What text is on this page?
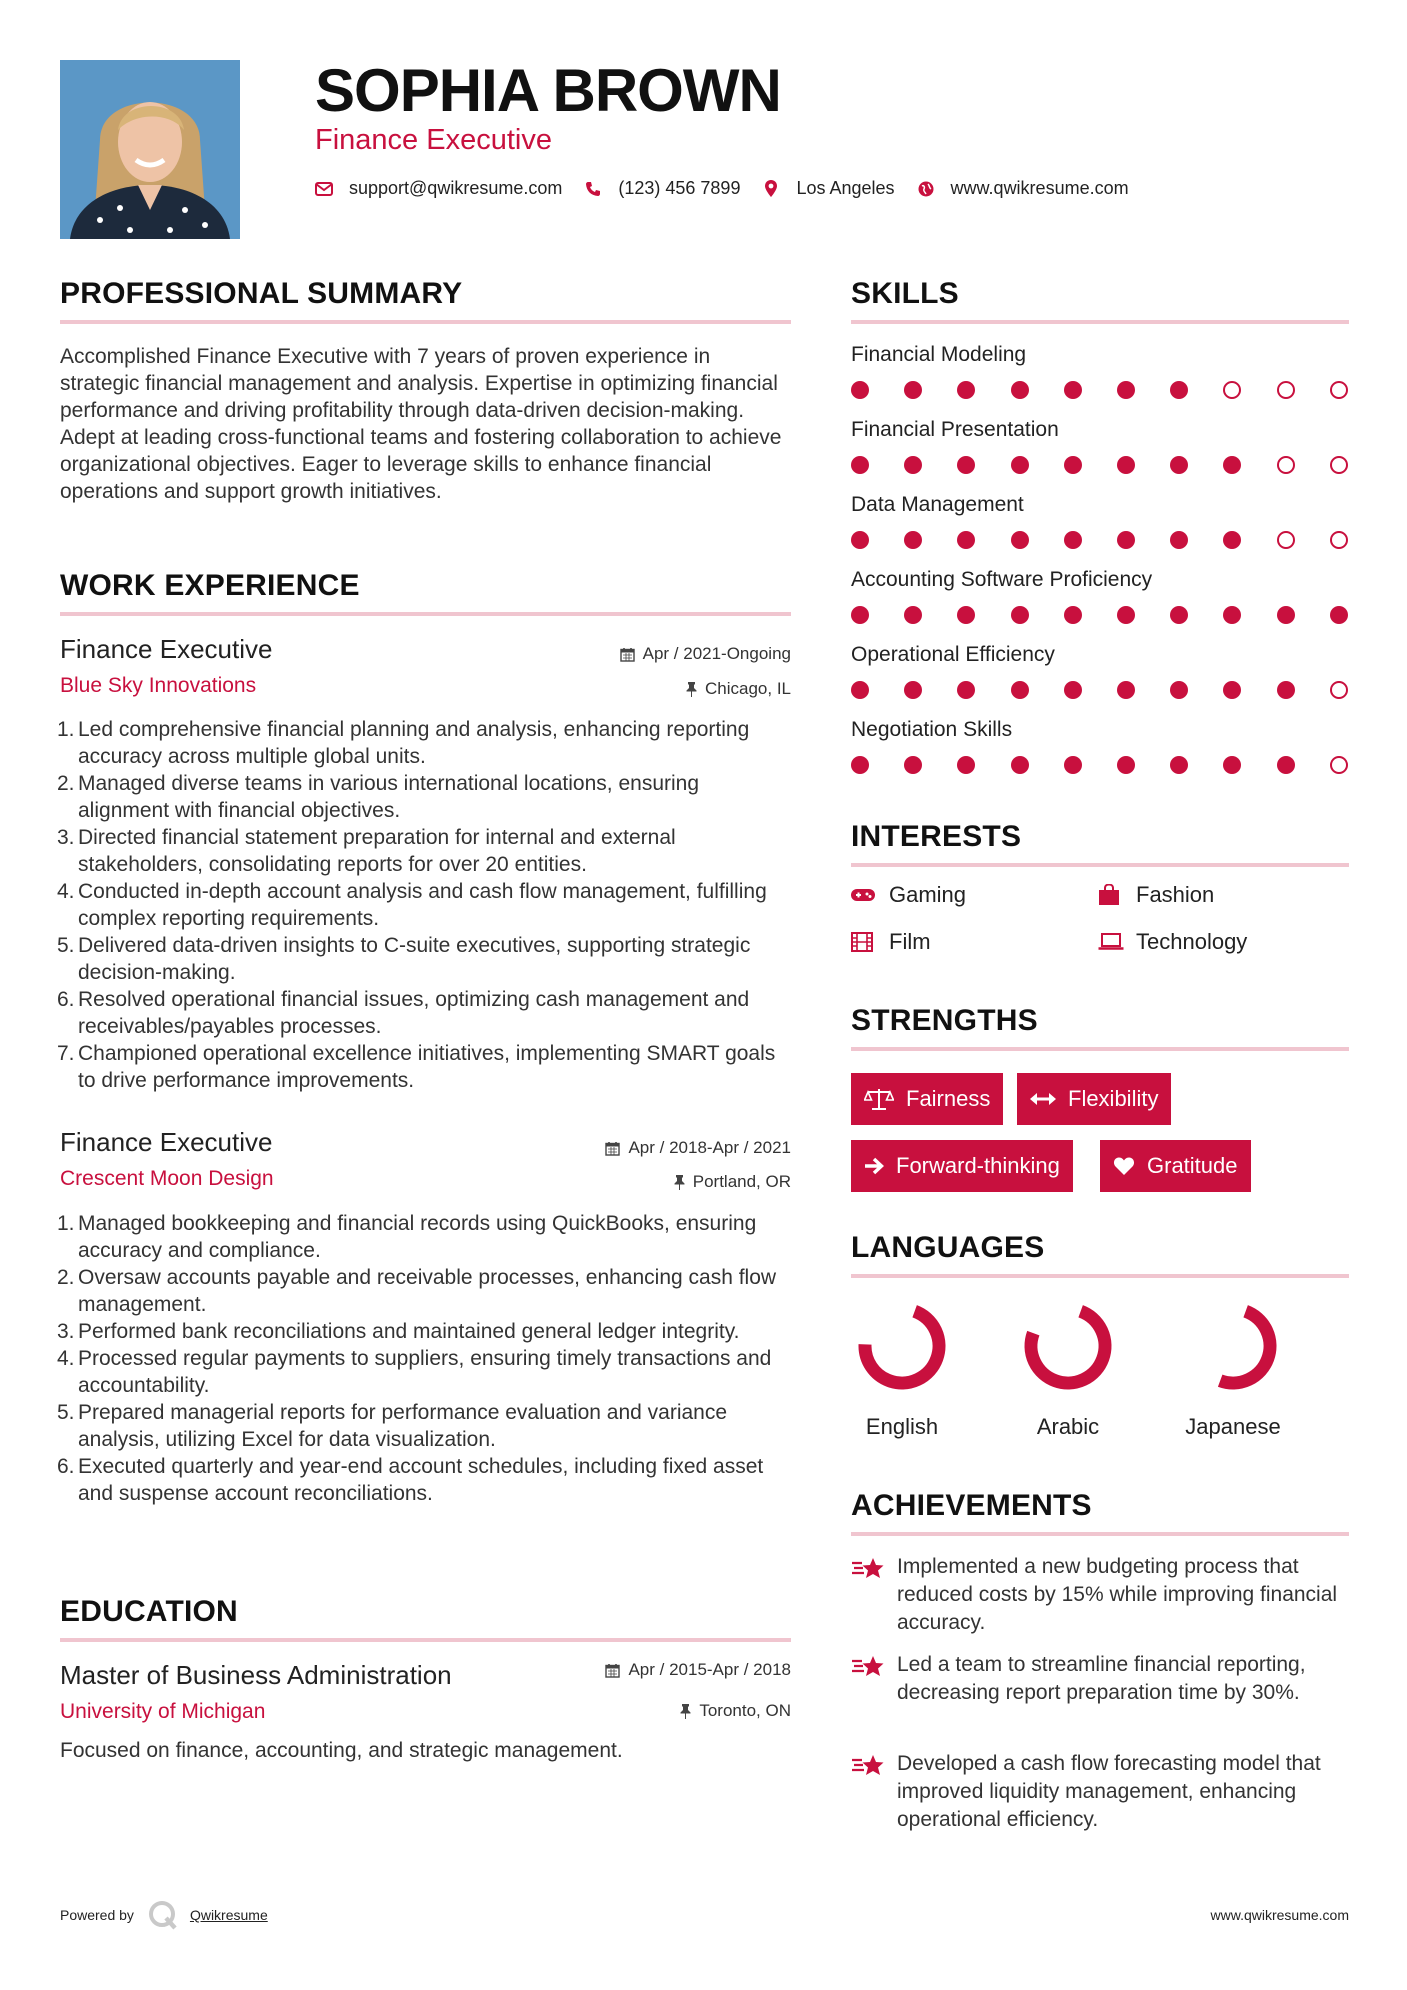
SOPHIA BROWN
Finance Executive
support@qwikresume.com	(123) 456 7899	Los Angeles	www.qwikresume.com
PROFESSIONAL SUMMARY
Accomplished Finance Executive with 7 years of proven experience in strategic financial management and analysis. Expertise in optimizing financial performance and driving profitability through data-driven decision-making. Adept at leading cross-functional teams and fostering collaboration to achieve organizational objectives. Eager to leverage skills to enhance financial operations and support growth initiatives.
WORK EXPERIENCE
Finance Executive
Blue Sky Innovations
Apr / 2021-Ongoing
Chicago, IL
1. Led comprehensive financial planning and analysis, enhancing reporting accuracy across multiple global units.
2. Managed diverse teams in various international locations, ensuring alignment with financial objectives.
3. Directed financial statement preparation for internal and external stakeholders, consolidating reports for over 20 entities.
4. Conducted in-depth account analysis and cash flow management, fulfilling complex reporting requirements.
5. Delivered data-driven insights to C-suite executives, supporting strategic decision-making.
6. Resolved operational financial issues, optimizing cash management and receivables/payables processes.
7. Championed operational excellence initiatives, implementing SMART goals to drive performance improvements.
Finance Executive
Crescent Moon Design
Apr / 2018-Apr / 2021
Portland, OR
1. Managed bookkeeping and financial records using QuickBooks, ensuring accuracy and compliance.
2. Oversaw accounts payable and receivable processes, enhancing cash flow management.
3. Performed bank reconciliations and maintained general ledger integrity.
4. Processed regular payments to suppliers, ensuring timely transactions and accountability.
5. Prepared managerial reports for performance evaluation and variance analysis, utilizing Excel for data visualization.
6. Executed quarterly and year-end account schedules, including fixed asset and suspense account reconciliations.
EDUCATION
Master of Business Administration
University of Michigan
Apr / 2015-Apr / 2018
Toronto, ON
Focused on finance, accounting, and strategic management.
SKILLS
Financial Modeling
Financial Presentation
Data Management
Accounting Software Proficiency
Operational Efficiency
Negotiation Skills
INTERESTS
Gaming	Fashion
Film	Technology
STRENGTHS
Fairness	Flexibility
Forward-thinking	Gratitude
LANGUAGES
English	Arabic	Japanese
ACHIEVEMENTS
Implemented a new budgeting process that reduced costs by 15% while improving financial accuracy.
Led a team to streamline financial reporting, decreasing report preparation time by 30%.
Developed a cash flow forecasting model that improved liquidity management, enhancing operational efficiency.
Powered by	Qwikresume	www.qwikresume.com
